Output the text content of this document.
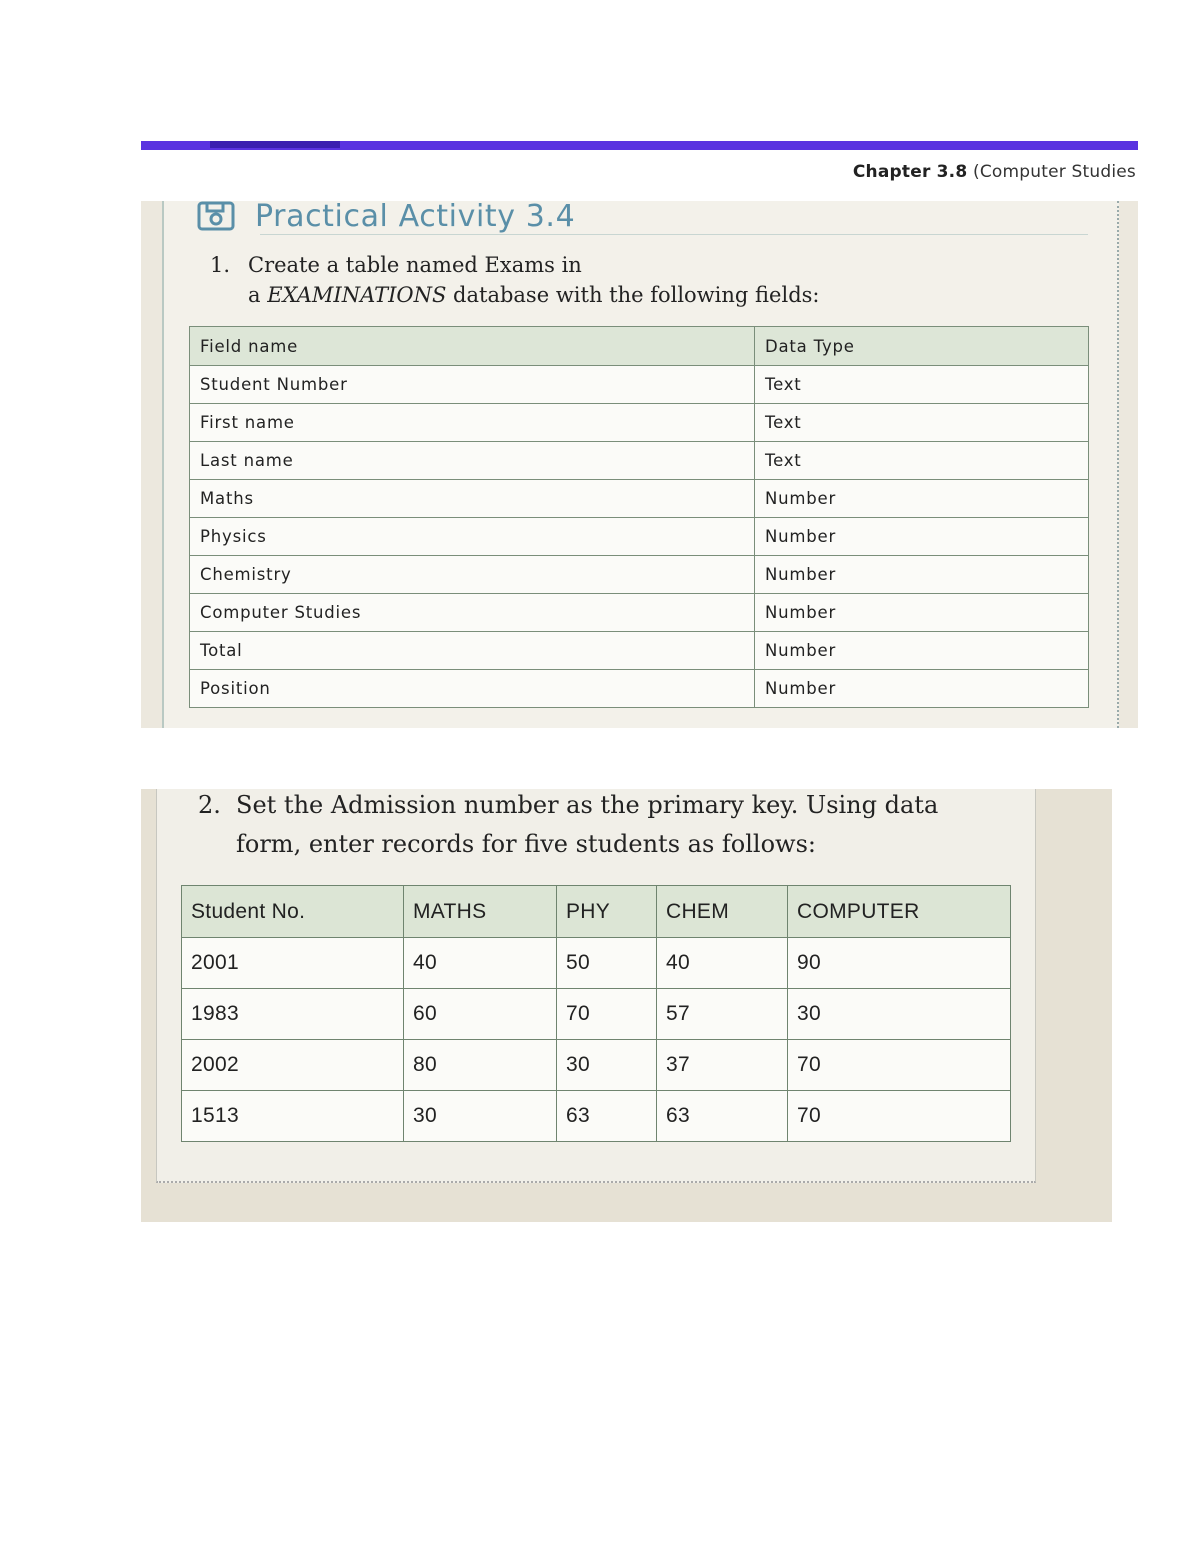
Chapter 3.8 (Computer Studies
Practical Activity 3.4
1. Create a table named Exams in
a EXAMINATIONS database with the following fields:
Field name	Data Type
Student Number	Text
First name	Text
Last name	Text
Maths	Number
Physics	Number
Chemistry	Number
Computer Studies	Number
Total	Number
Position	Number
2. Set the Admission number as the primary key. Using data
form, enter records for five students as follows:
Student No.	MATHS	PHY	CHEM	COMPUTER
2001	40	50	40	90
1983	60	70	57	30
2002	80	30	37	70
1513	30	63	63	70
